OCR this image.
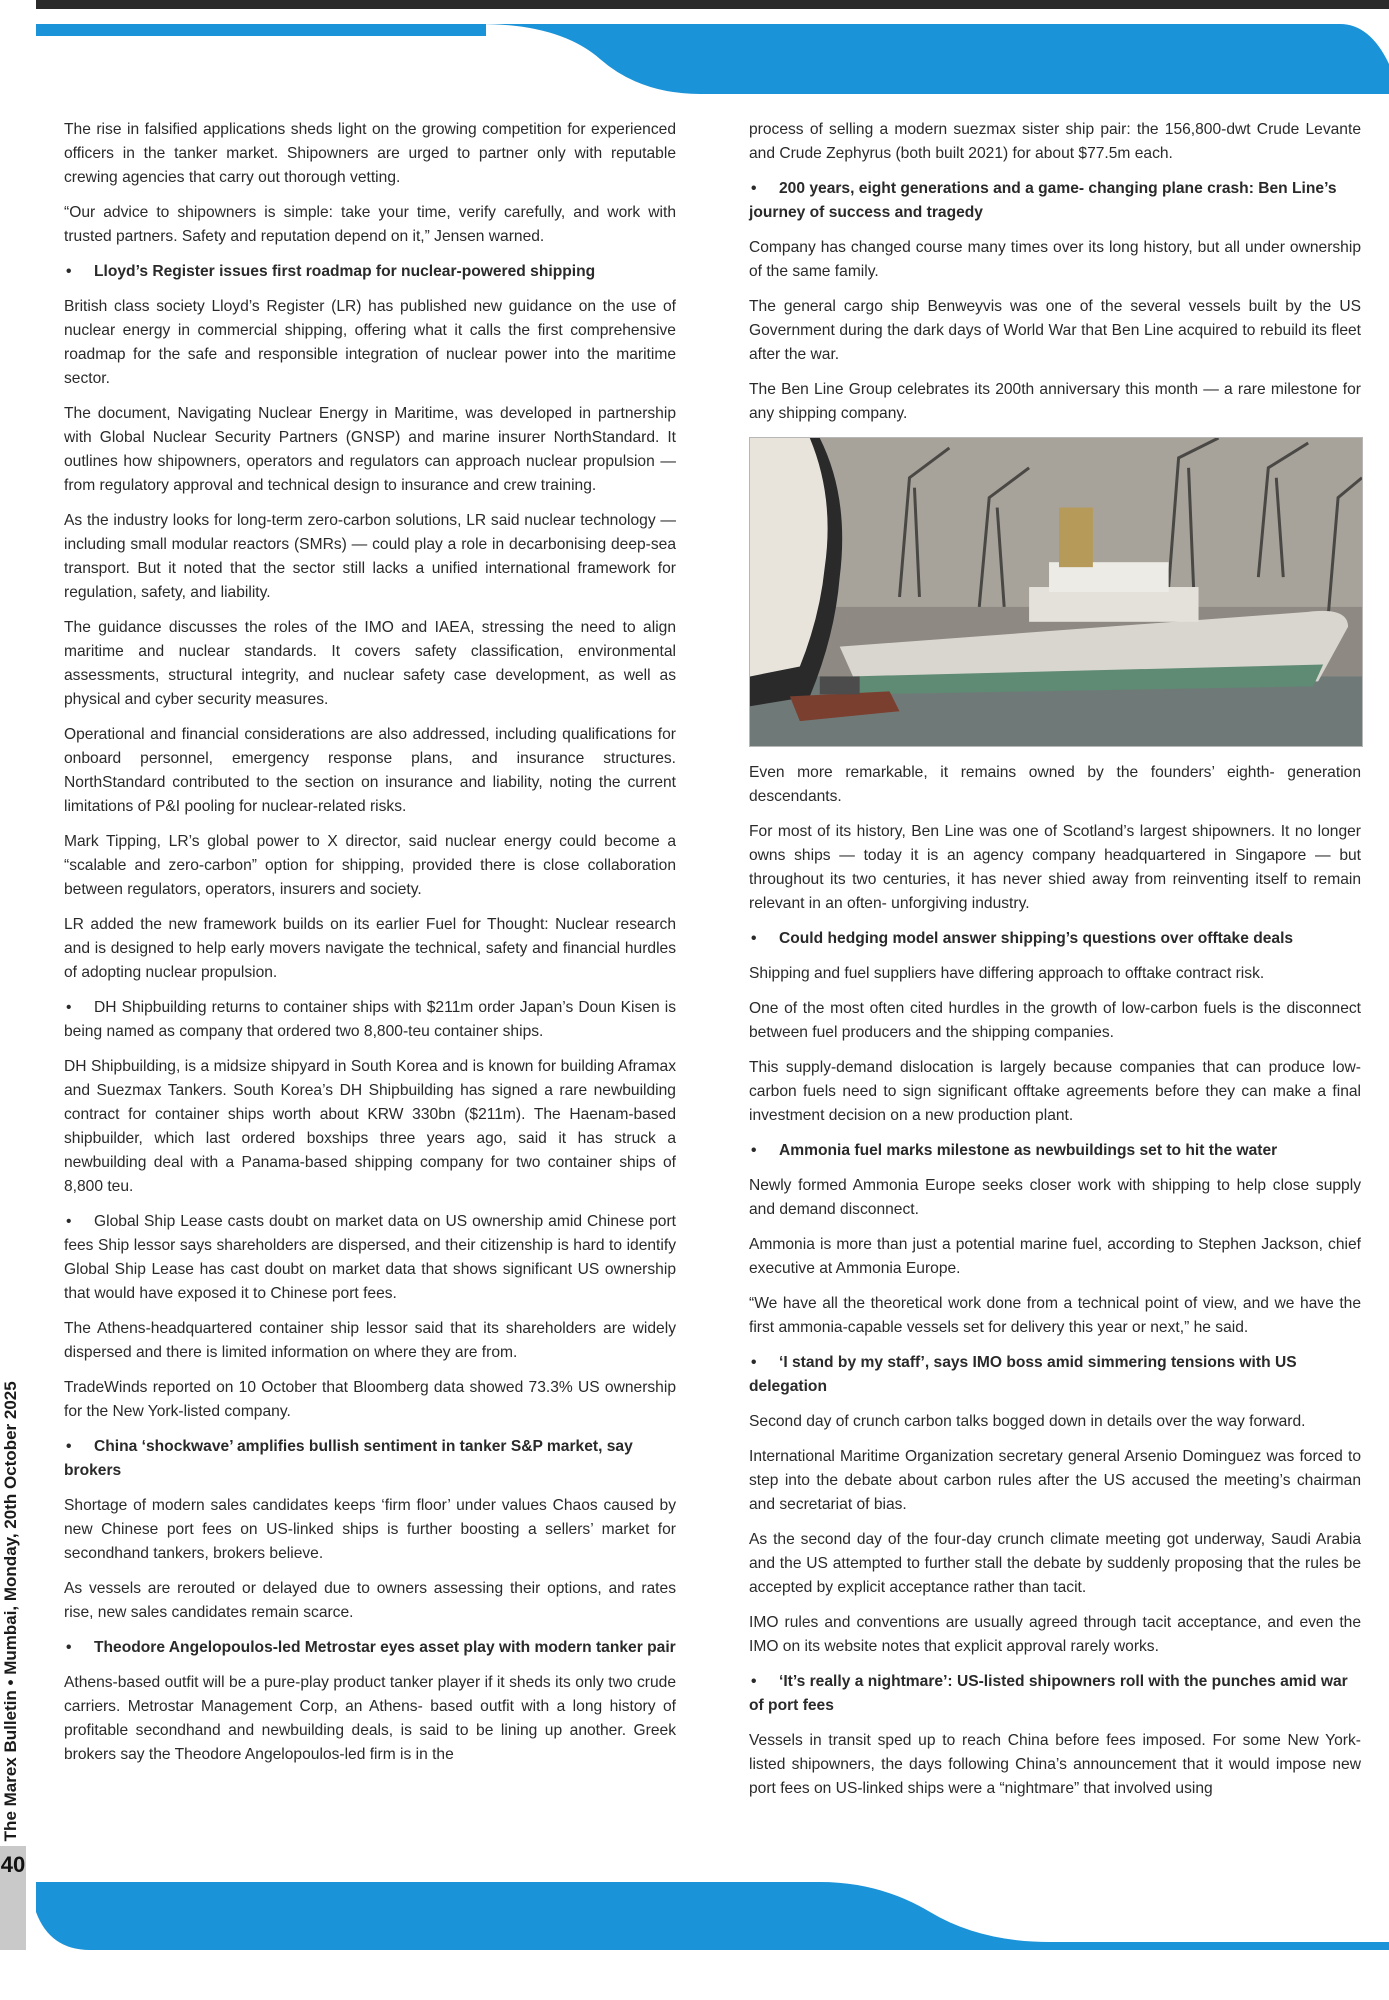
The rise in falsified applications sheds light on the growing competition for experienced officers in the tanker market. Shipowners are urged to partner only with reputable crewing agencies that carry out thorough vetting.

“Our advice to shipowners is simple: take your time, verify carefully, and work with trusted partners. Safety and reputation depend on it,” Jensen warned.

• Lloyd’s Register issues first roadmap for nuclear-powered shipping

British class society Lloyd’s Register (LR) has published new guidance on the use of nuclear energy in commercial shipping, offering what it calls the first comprehensive roadmap for the safe and responsible integration of nuclear power into the maritime sector.

The document, Navigating Nuclear Energy in Maritime, was developed in partnership with Global Nuclear Security Partners (GNSP) and marine insurer NorthStandard. It outlines how shipowners, operators and regulators can approach nuclear propulsion — from regulatory approval and technical design to insurance and crew training.

As the industry looks for long-term zero-carbon solutions, LR said nuclear technology — including small modular reactors (SMRs) — could play a role in decarbonising deep-sea transport. But it noted that the sector still lacks a unified international framework for regulation, safety, and liability.

The guidance discusses the roles of the IMO and IAEA, stressing the need to align maritime and nuclear standards. It covers safety classification, environmental assessments, structural integrity, and nuclear safety case development, as well as physical and cyber security measures.

Operational and financial considerations are also addressed, including qualifications for onboard personnel, emergency response plans, and insurance structures. NorthStandard contributed to the section on insurance and liability, noting the current limitations of P&I pooling for nuclear-related risks.

Mark Tipping, LR’s global power to X director, said nuclear energy could become a “scalable and zero-carbon” option for shipping, provided there is close collaboration between regulators, operators, insurers and society.

LR added the new framework builds on its earlier Fuel for Thought: Nuclear research and is designed to help early movers navigate the technical, safety and financial hurdles of adopting nuclear propulsion.

• DH Shipbuilding returns to container ships with $211m order Japan’s Doun Kisen is being named as company that ordered two 8,800-teu container ships.

DH Shipbuilding, is a midsize shipyard in South Korea and is known for building Aframax and Suezmax Tankers. South Korea’s DH Shipbuilding has signed a rare newbuilding contract for container ships worth about KRW 330bn ($211m). The Haenam-based shipbuilder, which last ordered boxships three years ago, said it has struck a newbuilding deal with a Panama-based shipping company for two container ships of 8,800 teu.

• Global Ship Lease casts doubt on market data on US ownership amid Chinese port fees Ship lessor says shareholders are dispersed, and their citizenship is hard to identify Global Ship Lease has cast doubt on market data that shows significant US ownership that would have exposed it to Chinese port fees.

The Athens-headquartered container ship lessor said that its shareholders are widely dispersed and there is limited information on where they are from.

TradeWinds reported on 10 October that Bloomberg data showed 73.3% US ownership for the New York-listed company.

• China ‘shockwave’ amplifies bullish sentiment in tanker S&P market, say brokers

Shortage of modern sales candidates keeps ‘firm floor’ under values Chaos caused by new Chinese port fees on US-linked ships is further boosting a sellers’ market for secondhand tankers, brokers believe.

As vessels are rerouted or delayed due to owners assessing their options, and rates rise, new sales candidates remain scarce.

• Theodore Angelopoulos-led Metrostar eyes asset play with modern tanker pair

Athens-based outfit will be a pure-play product tanker player if it sheds its only two crude carriers. Metrostar Management Corp, an Athens- based outfit with a long history of profitable secondhand and newbuilding deals, is said to be lining up another. Greek brokers say the Theodore Angelopoulos-led firm is in the

process of selling a modern suezmax sister ship pair: the 156,800-dwt Crude Levante and Crude Zephyrus (both built 2021) for about $77.5m each.

• 200 years, eight generations and a game- changing plane crash: Ben Line’s journey of success and tragedy

Company has changed course many times over its long history, but all under ownership of the same family.

The general cargo ship Benweyvis was one of the several vessels built by the US Government during the dark days of World War that Ben Line acquired to rebuild its fleet after the war.

The Ben Line Group celebrates its 200th anniversary this month — a rare milestone for any shipping company.

Even more remarkable, it remains owned by the founders’ eighth- generation descendants.

For most of its history, Ben Line was one of Scotland’s largest shipowners. It no longer owns ships — today it is an agency company headquartered in Singapore — but throughout its two centuries, it has never shied away from reinventing itself to remain relevant in an often- unforgiving industry.

• Could hedging model answer shipping’s questions over offtake deals

Shipping and fuel suppliers have differing approach to offtake contract risk.

One of the most often cited hurdles in the growth of low-carbon fuels is the disconnect between fuel producers and the shipping companies.

This supply-demand dislocation is largely because companies that can produce low-carbon fuels need to sign significant offtake agreements before they can make a final investment decision on a new production plant.

• Ammonia fuel marks milestone as newbuildings set to hit the water

Newly formed Ammonia Europe seeks closer work with shipping to help close supply and demand disconnect.

Ammonia is more than just a potential marine fuel, according to Stephen Jackson, chief executive at Ammonia Europe.

“We have all the theoretical work done from a technical point of view, and we have the first ammonia-capable vessels set for delivery this year or next,” he said.

• ‘I stand by my staff’, says IMO boss amid simmering tensions with US delegation

Second day of crunch carbon talks bogged down in details over the way forward.

International Maritime Organization secretary general Arsenio Dominguez was forced to step into the debate about carbon rules after the US accused the meeting’s chairman and secretariat of bias.

As the second day of the four-day crunch climate meeting got underway, Saudi Arabia and the US attempted to further stall the debate by suddenly proposing that the rules be accepted by explicit acceptance rather than tacit.

IMO rules and conventions are usually agreed through tacit acceptance, and even the IMO on its website notes that explicit approval rarely works.

• ‘It’s really a nightmare’: US-listed shipowners roll with the punches amid war of port fees

Vessels in transit sped up to reach China before fees imposed. For some New York-listed shipowners, the days following China’s announcement that it would impose new port fees on US-linked ships were a “nightmare” that involved using

40
